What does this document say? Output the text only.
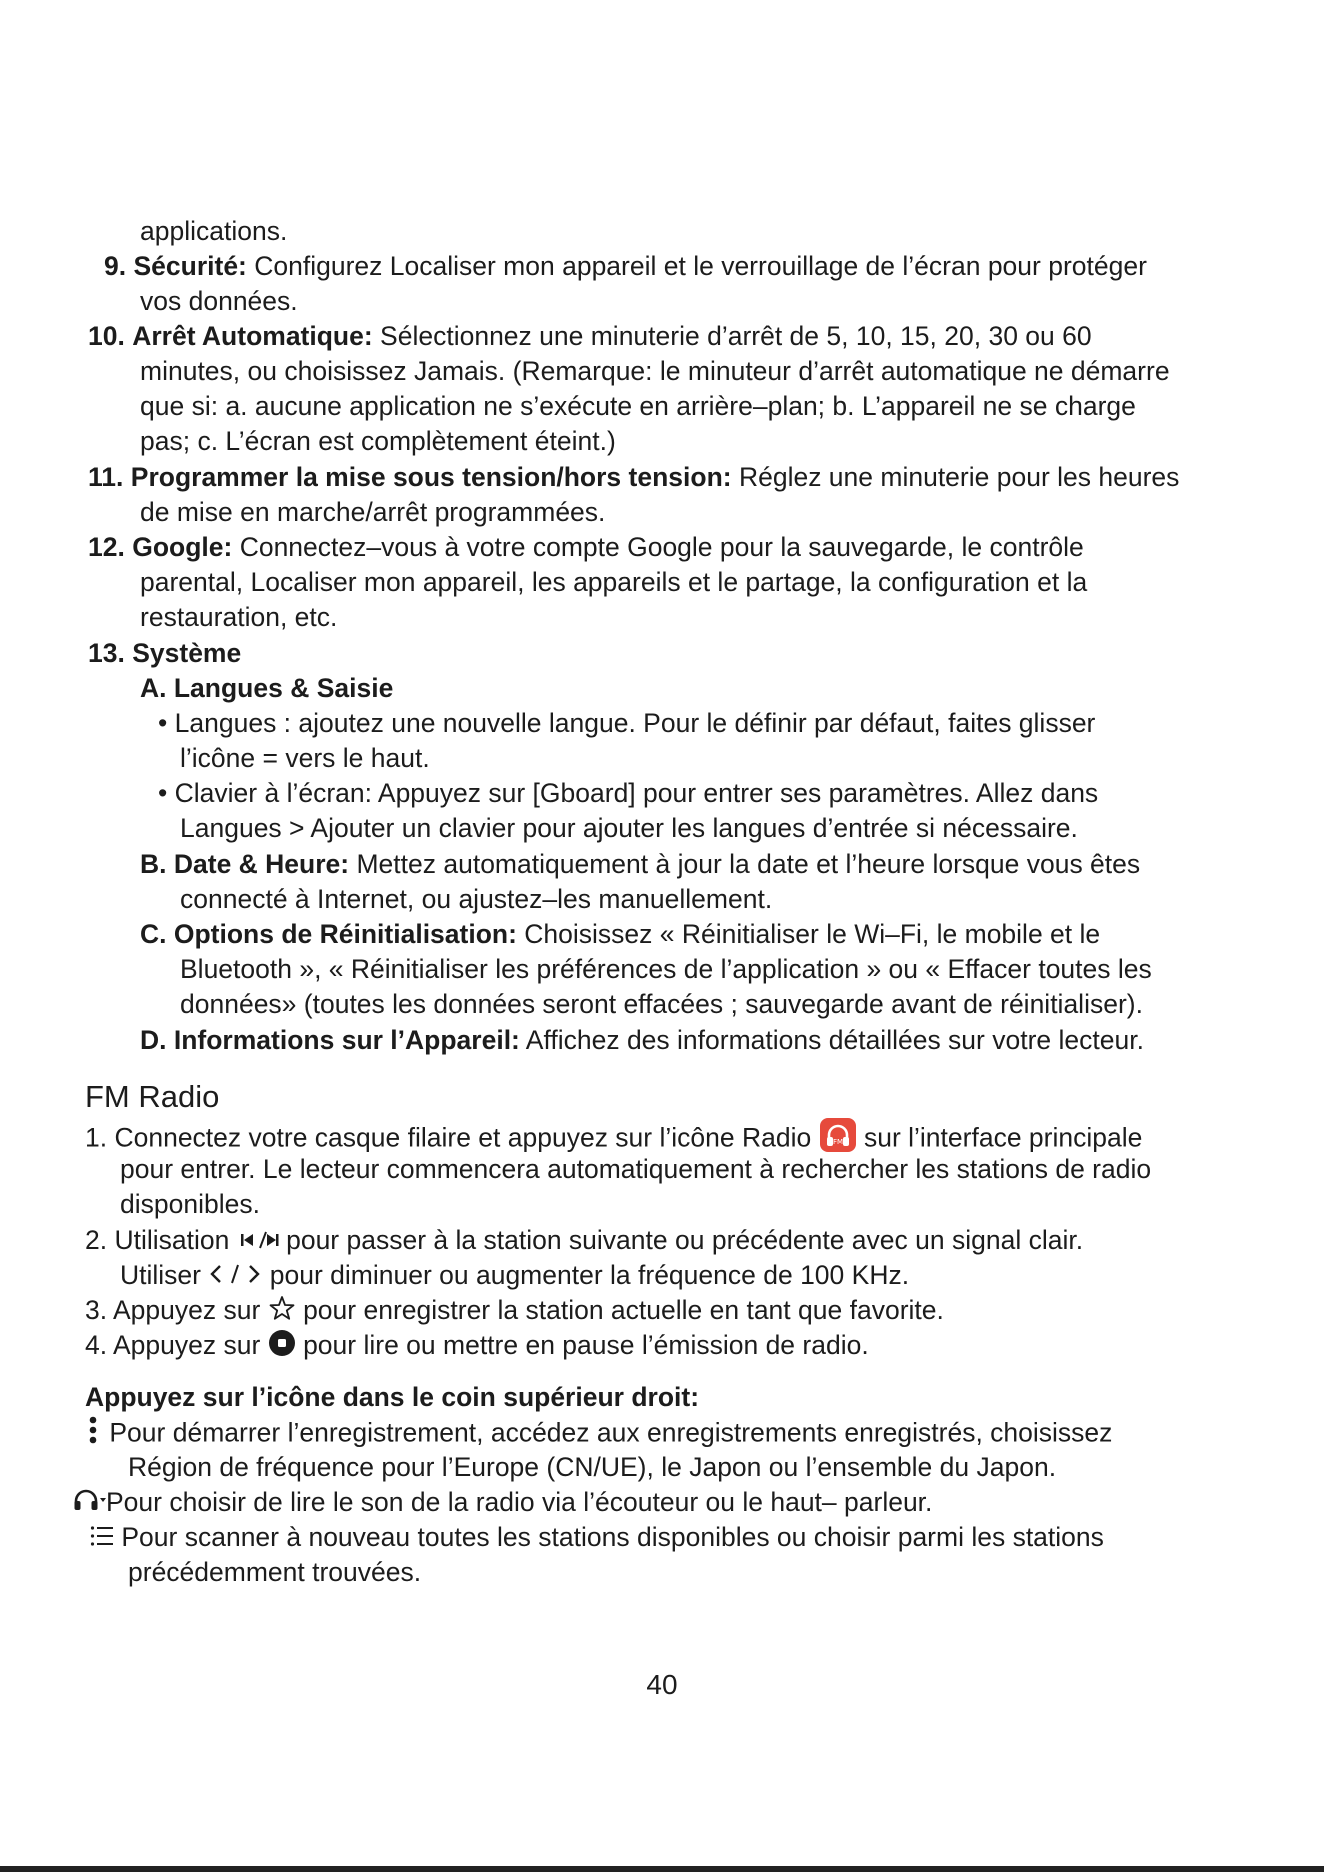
applications.
9. Sécurité: Configurez Localiser mon appareil et le verrouillage de l’écran pour protéger
vos données.
10. Arrêt Automatique: Sélectionnez une minuterie d’arrêt de 5, 10, 15, 20, 30 ou 60
minutes, ou choisissez Jamais. (Remarque: le minuteur d’arrêt automatique ne démarre
que si: a. aucune application ne s’exécute en arrière–plan; b. L’appareil ne se charge
pas; c. L’écran est complètement éteint.)
11. Programmer la mise sous tension/hors tension: Réglez une minuterie pour les heures
de mise en marche/arrêt programmées.
12. Google: Connectez–vous à votre compte Google pour la sauvegarde, le contrôle
parental, Localiser mon appareil, les appareils et le partage, la configuration et la
restauration, etc.
13. Système
A. Langues & Saisie
• Langues : ajoutez une nouvelle langue. Pour le définir par défaut, faites glisser
l’icône = vers le haut.
• Clavier à l’écran: Appuyez sur [Gboard] pour entrer ses paramètres. Allez dans
Langues > Ajouter un clavier pour ajouter les langues d’entrée si nécessaire.
B. Date & Heure: Mettez automatiquement à jour la date et l’heure lorsque vous êtes
connecté à Internet, ou ajustez–les manuellement.
C. Options de Réinitialisation: Choisissez « Réinitialiser le Wi–Fi, le mobile et le
Bluetooth », « Réinitialiser les préférences de l’application » ou « Effacer toutes les
données» (toutes les données seront effacées ; sauvegarde avant de réinitialiser).
D. Informations sur l’Appareil: Affichez des informations détaillées sur votre lecteur.
FM Radio
1. Connectez votre casque filaire et appuyez sur l’icône Radio	FM sur l’interface principale
pour entrer. Le lecteur commencera automatiquement à rechercher les stations de radio
disponibles.
2. Utilisation pour passer à la station suivante ou précédente avec un signal clair.
Utiliser	pour diminuer ou augmenter la fréquence de 100 KHz.
3. Appuyez sur pour enregistrer la station actuelle en tant que favorite.
4. Appuyez sur pour lire ou mettre en pause l’émission de radio.
Appuyez sur l’icône dans le coin supérieur droit:
Pour démarrer l’enregistrement, accédez aux enregistrements enregistrés, choisissez
Région de fréquence pour l’Europe (CN/UE), le Japon ou l’ensemble du Japon.
Pour choisir de lire le son de la radio via l’écouteur ou le haut– parleur.
Pour scanner à nouveau toutes les stations disponibles ou choisir parmi les stations
précédemment trouvées.
40
